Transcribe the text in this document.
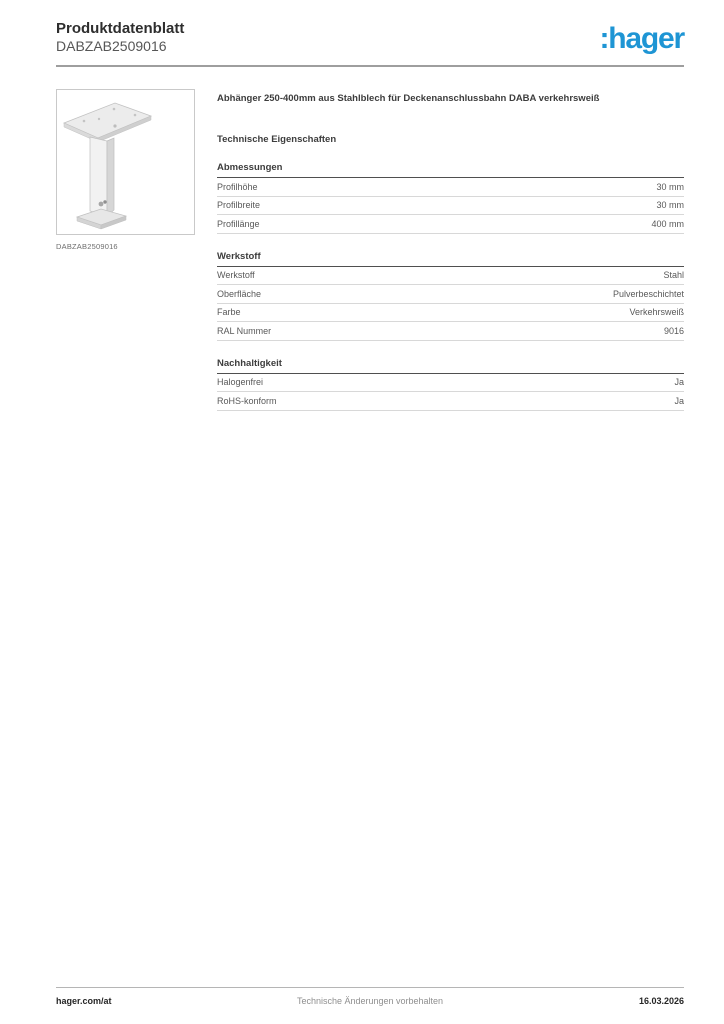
Produktdatenblatt
DABZAB2509016	:hager
DABZAB2509016
Abhänger 250-400mm aus Stahlblech für Deckenanschlussbahn DABA verkehrsweiß
Technische Eigenschaften
Abmessungen
Profilhöhe	30 mm
Profilbreite	30 mm
Profillänge	400 mm
Werkstoff
Werkstoff	Stahl
Oberfläche	Pulverbeschichtet
Farbe	Verkehrsweiß
RAL Nummer	9016
Nachhaltigkeit
Halogenfrei	Ja
RoHS-konform	Ja
hager.com/at	Technische Änderungen vorbehalten	16.03.2026
